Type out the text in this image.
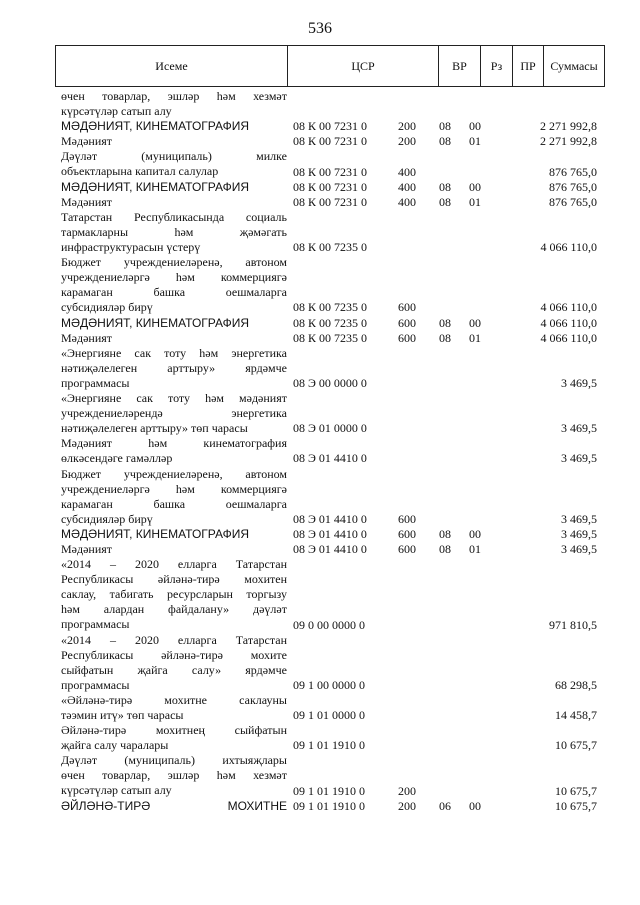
536
Исеме	ЦСР	ВР	Рз	ПР	Суммасы
өчен товарлар, эшләр һәм хезмәт
күрсәтүләр сатып алу
МӘДӘНИЯТ, КИНЕМАТОГРАФИЯ	08 К 00 7231 0	200 08 00	2 271 992,8
Мәдәният	08 К 00 7231 0	200 08 01	2 271 992,8
Дәүләт (муниципаль) милке
объектларына капитал салулар	08 К 00 7231 0	400	876 765,0
МӘДӘНИЯТ, КИНЕМАТОГРАФИЯ	08 К 00 7231 0	400 08 00	876 765,0
Мәдәният	08 К 00 7231 0	400 08 01	876 765,0
Татарстан Республикасында социаль
тармакларны һәм җәмәгать
инфраструктурасын үстерү	08 К 00 7235 0	4 066 110,0
Бюджет учреждениеләренә, автоном
учреждениеләргә һәм коммерциягә
карамаган башка оешмаларга
субсидияләр бирү	08 К 00 7235 0	600	4 066 110,0
МӘДӘНИЯТ, КИНЕМАТОГРАФИЯ	08 К 00 7235 0	600 08 00	4 066 110,0
Мәдәният	08 К 00 7235 0	600 08 01	4 066 110,0
«Энергияне сак тоту һәм энергетика
нәтиҗәлелеген арттыру» ярдәмче
программасы	08 Э 00 0000 0	3 469,5
«Энергияне сак тоту һәм мәдәният
учреждениеләрендә энергетика
нәтиҗәлелеген арттыру» төп чарасы	08 Э 01 0000 0	3 469,5
Мәдәният һәм кинематография
өлкәсендәге гамәлләр	08 Э 01 4410 0	3 469,5
Бюджет учреждениеләренә, автоном
учреждениеләргә һәм коммерциягә
карамаган башка оешмаларга
субсидияләр бирү	08 Э 01 4410 0	600	3 469,5
МӘДӘНИЯТ, КИНЕМАТОГРАФИЯ	08 Э 01 4410 0	600 08 00	3 469,5
Мәдәният	08 Э 01 4410 0	600 08 01	3 469,5
«2014 – 2020 елларга Татарстан
Республикасы әйләнә-тирә мохитен
саклау, табигать ресурсларын торгызу
һәм алардан файдалану» дәүләт
программасы	09 0 00 0000 0	971 810,5
«2014 – 2020 елларга Татарстан
Республикасы әйләнә-тирә мохите
сыйфатын җайга салу» ярдәмче
программасы	09 1 00 0000 0	68 298,5
«Әйләнә-тирә мохитне саклауны
тәэмин итү» төп чарасы	09 1 01 0000 0	14 458,7
Әйләнә-тирә мохитнең сыйфатын
җайга салу чаралары	09 1 01 1910 0	10 675,7
Дәүләт (муниципаль) ихтыяҗлары
өчен товарлар, эшләр һәм хезмәт
күрсәтүләр сатып алу	09 1 01 1910 0	200	10 675,7
ӘЙЛӘНӘ-ТИРӘ МОХИТНЕ 09 1 01 1910 0	200 06 00	10 675,7
